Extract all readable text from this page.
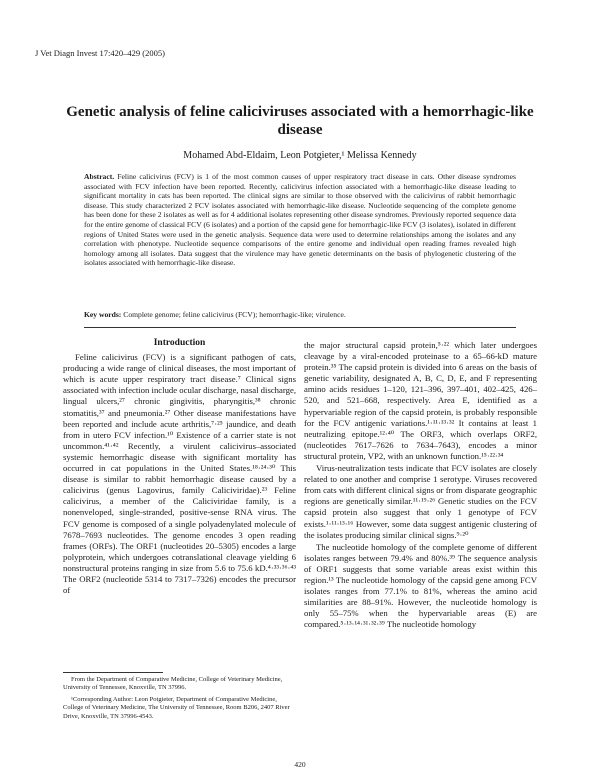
J Vet Diagn Invest 17:420–429 (2005)
Genetic analysis of feline caliciviruses associated with a hemorrhagic-like disease
Mohamed Abd-Eldaim, Leon Potgieter,¹ Melissa Kennedy
Abstract. Feline calicivirus (FCV) is 1 of the most common causes of upper respiratory tract disease in cats. Other disease syndromes associated with FCV infection have been reported. Recently, calicivirus infection associated with a hemorrhagic-like disease leading to significant mortality in cats has been reported. The clinical signs are similar to those observed with the calicivirus of rabbit hemorrhagic disease. This study characterized 2 FCV isolates associated with hemorrhagic-like disease. Nucleotide sequencing of the complete genome has been done for these 2 isolates as well as for 4 additional isolates representing other disease syndromes. Previously reported sequence data for the entire genome of classical FCV (6 isolates) and a portion of the capsid gene for hemorrhagic-like FCV (3 isolates), isolated in different regions of United States were used in the genetic analysis. Sequence data were used to determine relationships among the isolates and any correlation with phenotype. Nucleotide sequence comparisons of the entire genome and individual open reading frames revealed high homology among all isolates. Data suggest that the virulence may have genetic determinants on the basis of phylogenetic clustering of the isolates associated with hemorrhagic-like disease.
Key words: Complete genome; feline calicivirus (FCV); hemorrhagic-like; virulence.
Introduction

Feline calicivirus (FCV) is a significant pathogen of cats, producing a wide range of clinical diseases, the most important of which is acute upper respiratory tract disease.⁷ Clinical signs associated with infection include ocular discharge, nasal discharge, lingual ulcers,²⁷ chronic gingivitis, pharyngitis,³⁸ chronic stomatitis,³⁷ and pneumonia.²⁷ Other disease manifestations have been reported and include acute arthritis,⁷·²⁵ jaundice, and death from in utero FCV infection.¹⁰ Existence of a carrier state is not uncommon.⁴¹·⁴² Recently, a virulent calicivirus–associated systemic hemorrhagic disease with significant mortality has occurred in cat populations in the United States.¹⁸·²⁴·³⁰ This disease is similar to rabbit hemorrhagic disease caused by a calicivirus (genus Lagovirus, family Caliciviridae).²³ Feline calicivirus, a member of the Caliciviridae family, is a nonenveloped, single-stranded, positive-sense RNA virus. The FCV genome is composed of a single polyadenylated molecule of 7678–7693 nucleotides. The genome encodes 3 open reading frames (ORFs). The ORF1 (nucleotides 20–5305) encodes a large polyprotein, which undergoes cotranslational cleavage yielding 6 nonstructural proteins ranging in size from 5.6 to 75.6 kD.⁴·³³·³⁶·⁴³ The ORF2 (nucleotide 5314 to 7317–7326) encodes the precursor of

the major structural capsid protein,⁵·²² which later undergoes cleavage by a viral-encoded proteinase to a 65–66-kD mature protein.³⁵ The capsid protein is divided into 6 areas on the basis of genetic variability, designated A, B, C, D, E, and F representing amino acids residues 1–120, 121–396, 397–401, 402–425, 426–520, and 521–668, respectively. Area E, identified as a hypervariable region of the capsid protein, is probably responsible for the FCV antigenic variations.¹·¹¹·¹³·³² It contains at least 1 neutralizing epitope.¹²·⁴⁰ The ORF3, which overlaps ORF2, (nucleotides 7617–7626 to 7634–7643), encodes a minor structural protein, VP2, with an unknown function.¹⁵·²²·³⁴

Virus-neutralization tests indicate that FCV isolates are closely related to one another and comprise 1 serotype. Viruses recovered from cats with different clinical signs or from disparate geographic regions are genetically similar.¹¹·¹⁹·²⁶ Genetic studies on the FCV capsid protein also suggest that only 1 genotype of FCV exists.¹·¹¹·¹³·¹⁶ However, some data suggest antigenic clustering of the isolates producing similar clinical signs.⁹·²⁰

The nucleotide homology of the complete genome of different isolates ranges between 79.4% and 80%.³⁹ The sequence analysis of ORF1 suggests that some variable areas exist within this region.¹³ The nucleotide homology of the capsid gene among FCV isolates ranges from 77.1% to 81%, whereas the amino acid similarities are 88–91%. However, the nucleotide homology is only 55–75% when the hypervariable areas (E) are compared.⁵·¹³·¹⁴·³¹·³²·³⁹ The nucleotide homology

From the Department of Comparative Medicine, College of Veterinary Medicine, University of Tennessee, Knoxville, TN 37996.

¹Corresponding Author: Leon Potgieter, Department of Comparative Medicine, College of Veterinary Medicine, The University of Tennessee, Room B206, 2407 River Drive, Knoxville, TN 37996-4543.

420
